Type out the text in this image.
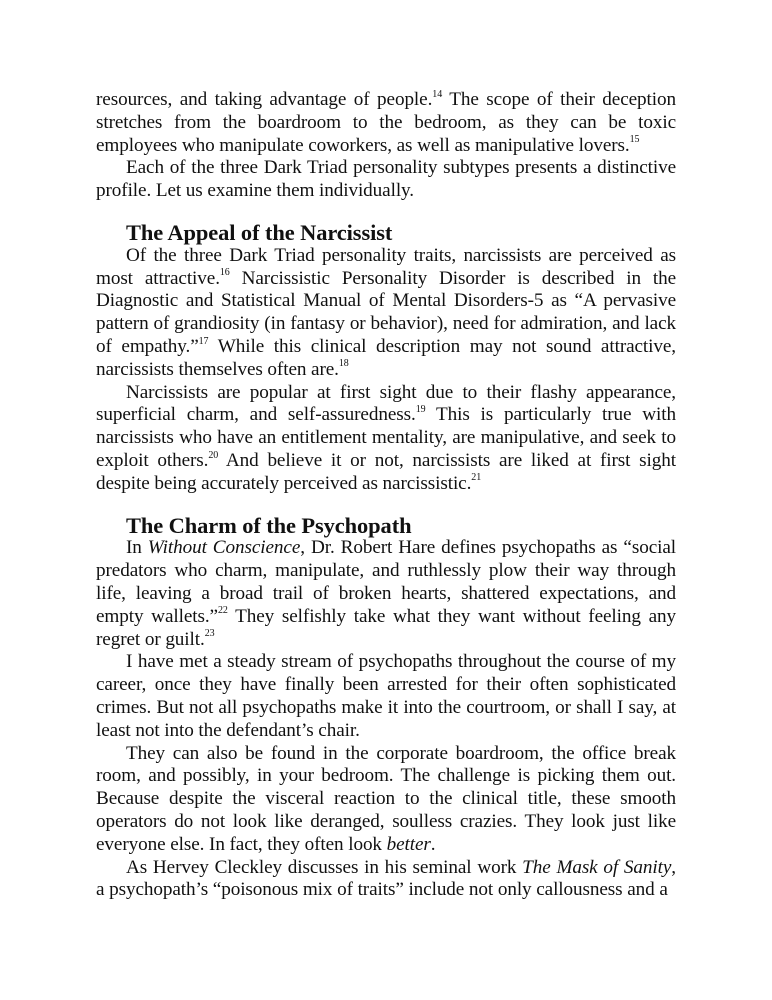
resources, and taking advantage of people.$^{14}$ The scope of their deception stretches from the boardroom to the bedroom, as they can be toxic employees who manipulate coworkers, as well as manipulative lovers.$^{15}$

Each of the three Dark Triad personality subtypes presents a distinctive profile. Let us examine them individually.

The Appeal of the Narcissist

Of the three Dark Triad personality traits, narcissists are perceived as most attractive.$^{16}$ Narcissistic Personality Disorder is described in the Diagnostic and Statistical Manual of Mental Disorders-5 as “A pervasive pattern of grandiosity (in fantasy or behavior), need for admiration, and lack of empathy.”$^{17}$ While this clinical description may not sound attractive, narcissists themselves often are.$^{18}$

Narcissists are popular at first sight due to their flashy appearance, superficial charm, and self-assuredness.$^{19}$ This is particularly true with narcissists who have an entitlement mentality, are manipulative, and seek to exploit others.$^{20}$ And believe it or not, narcissists are liked at first sight despite being accurately perceived as narcissistic.$^{21}$

The Charm of the Psychopath

In Without Conscience, Dr. Robert Hare defines psychopaths as “social predators who charm, manipulate, and ruthlessly plow their way through life, leaving a broad trail of broken hearts, shattered expectations, and empty wallets.”$^{22}$ They selfishly take what they want without feeling any regret or guilt.$^{23}$

I have met a steady stream of psychopaths throughout the course of my career, once they have finally been arrested for their often sophisticated crimes. But not all psychopaths make it into the courtroom, or shall I say, at least not into the defendant’s chair.

They can also be found in the corporate boardroom, the office break room, and possibly, in your bedroom. The challenge is picking them out. Because despite the visceral reaction to the clinical title, these smooth operators do not look like deranged, soulless crazies. They look just like everyone else. In fact, they often look better.

As Hervey Cleckley discusses in his seminal work The Mask of Sanity, a psychopath’s “poisonous mix of traits” include not only callousness and a
